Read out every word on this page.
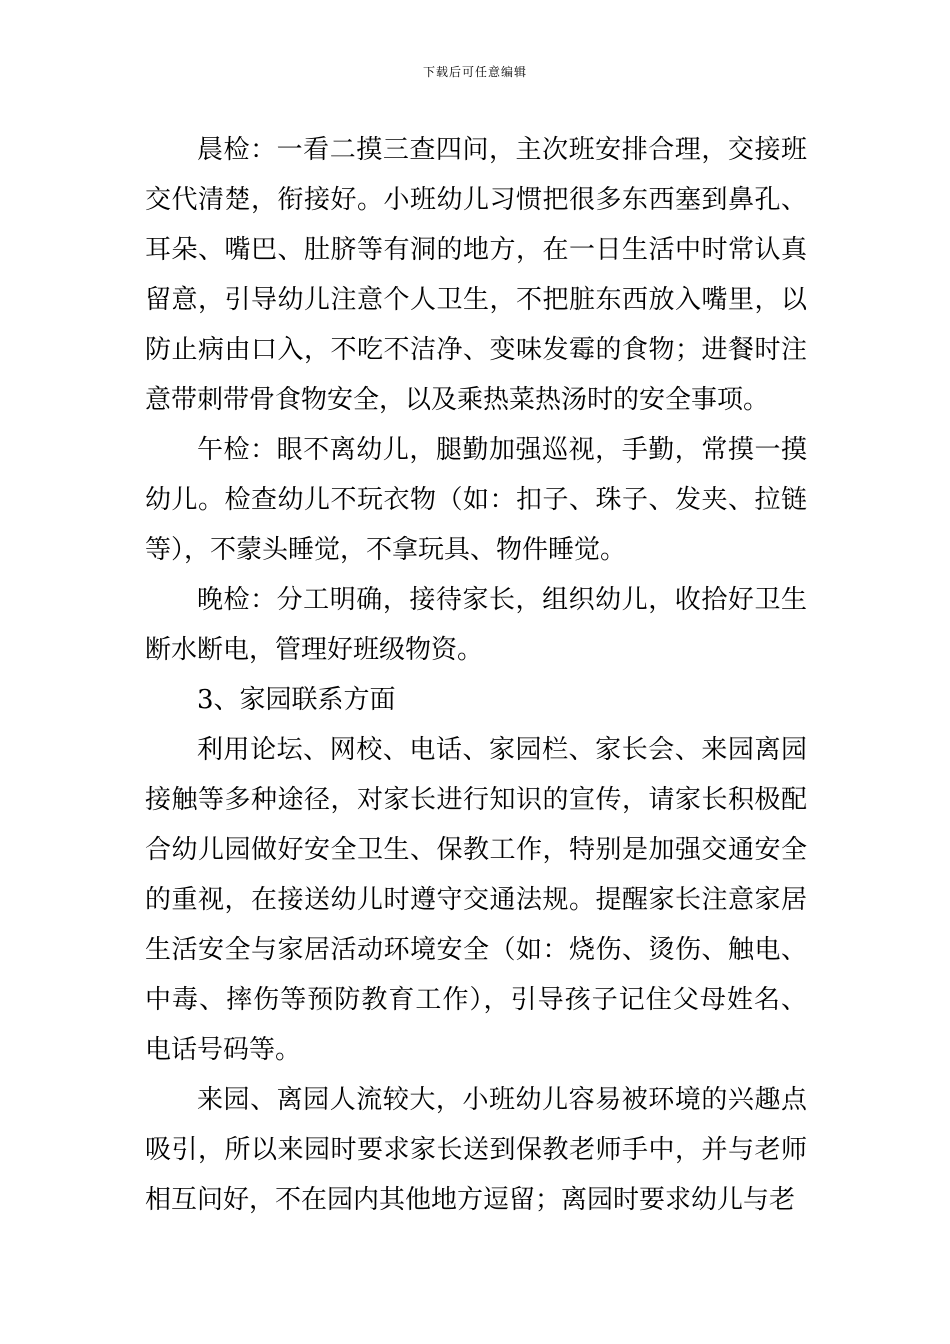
下载后可任意编辑

晨检：一看二摸三查四问，主次班安排合理，交接班交代清楚，衔接好。小班幼儿习惯把很多东西塞到鼻孔、耳朵、嘴巴、肚脐等有洞的地方，在一日生活中时常认真留意，引导幼儿注意个人卫生，不把脏东西放入嘴里，以防止病由口入，不吃不洁净、变味发霉的食物；进餐时注意带刺带骨食物安全，以及乘热菜热汤时的安全事项。

午检：眼不离幼儿，腿勤加强巡视，手勤，常摸一摸幼儿。检查幼儿不玩衣物（如：扣子、珠子、发夹、拉链等），不蒙头睡觉，不拿玩具、物件睡觉。

晚检：分工明确，接待家长，组织幼儿，收拾好卫生断水断电，管理好班级物资。

3、家园联系方面

利用论坛、网校、电话、家园栏、家长会、来园离园接触等多种途径，对家长进行知识的宣传，请家长积极配合幼儿园做好安全卫生、保教工作，特别是加强交通安全的重视，在接送幼儿时遵守交通法规。提醒家长注意家居生活安全与家居活动环境安全（如：烧伤、烫伤、触电、中毒、摔伤等预防教育工作），引导孩子记住父母姓名、电话号码等。

来园、离园人流较大，小班幼儿容易被环境的兴趣点吸引，所以来园时要求家长送到保教老师手中，并与老师相互问好，不在园内其他地方逗留；离园时要求幼儿与老
